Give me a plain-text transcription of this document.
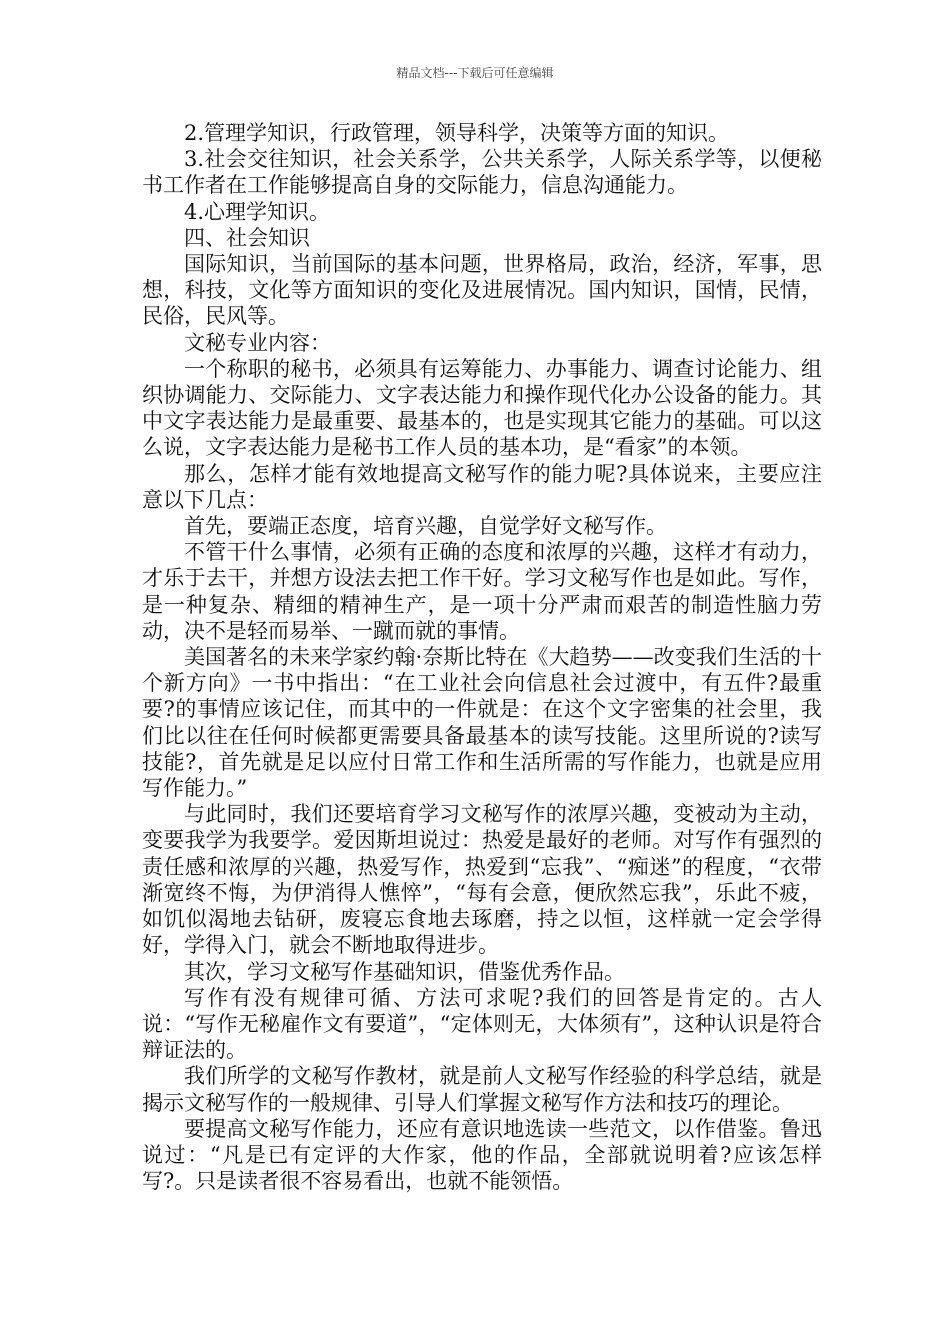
精品文档---下载后可任意编辑

2.管理学知识，行政管理，领导科学，决策等方面的知识。

3.社会交往知识，社会关系学，公共关系学，人际关系学等，以便秘书工作者在工作能够提高自身的交际能力，信息沟通能力。

4.心理学知识。

四、社会知识

国际知识，当前国际的基本问题，世界格局，政治，经济，军事，思想，科技，文化等方面知识的变化及进展情况。国内知识，国情，民情，民俗，民风等。

文秘专业内容：

一个称职的秘书，必须具有运筹能力、办事能力、调查讨论能力、组织协调能力、交际能力、文字表达能力和操作现代化办公设备的能力。其中文字表达能力是最重要、最基本的，也是实现其它能力的基础。可以这么说，文字表达能力是秘书工作人员的基本功，是“看家”的本领。

那么，怎样才能有效地提高文秘写作的能力呢?具体说来，主要应注意以下几点：

首先，要端正态度，培育兴趣，自觉学好文秘写作。

不管干什么事情，必须有正确的态度和浓厚的兴趣，这样才有动力，才乐于去干，并想方设法去把工作干好。学习文秘写作也是如此。写作，是一种复杂、精细的精神生产，是一项十分严肃而艰苦的制造性脑力劳动，决不是轻而易举、一蹴而就的事情。

美国著名的未来学家约翰·奈斯比特在《大趋势——改变我们生活的十个新方向》一书中指出：“在工业社会向信息社会过渡中，有五件?最重要?的事情应该记住，而其中的一件就是：在这个文字密集的社会里，我们比以往在任何时候都更需要具备最基本的读写技能。这里所说的?读写技能?，首先就是足以应付日常工作和生活所需的写作能力，也就是应用写作能力。”

与此同时，我们还要培育学习文秘写作的浓厚兴趣，变被动为主动，变要我学为我要学。爱因斯坦说过：热爱是最好的老师。对写作有强烈的责任感和浓厚的兴趣，热爱写作，热爱到“忘我”、“痴迷”的程度，“衣带渐宽终不悔，为伊消得人憔悴”，“每有会意，便欣然忘我”，乐此不疲，如饥似渴地去钻研，废寝忘食地去琢磨，持之以恒，这样就一定会学得好，学得入门，就会不断地取得进步。

其次，学习文秘写作基础知识，借鉴优秀作品。

写作有没有规律可循、方法可求呢?我们的回答是肯定的。古人说：“写作无秘雇作文有要道”，“定体则无，大体须有”，这种认识是符合辩证法的。

我们所学的文秘写作教材，就是前人文秘写作经验的科学总结，就是揭示文秘写作的一般规律、引导人们掌握文秘写作方法和技巧的理论。

要提高文秘写作能力，还应有意识地选读一些范文，以作借鉴。鲁迅说过：“凡是已有定评的大作家，他的作品，全部就说明着?应该怎样写?。只是读者很不容易看出，也就不能领悟。
